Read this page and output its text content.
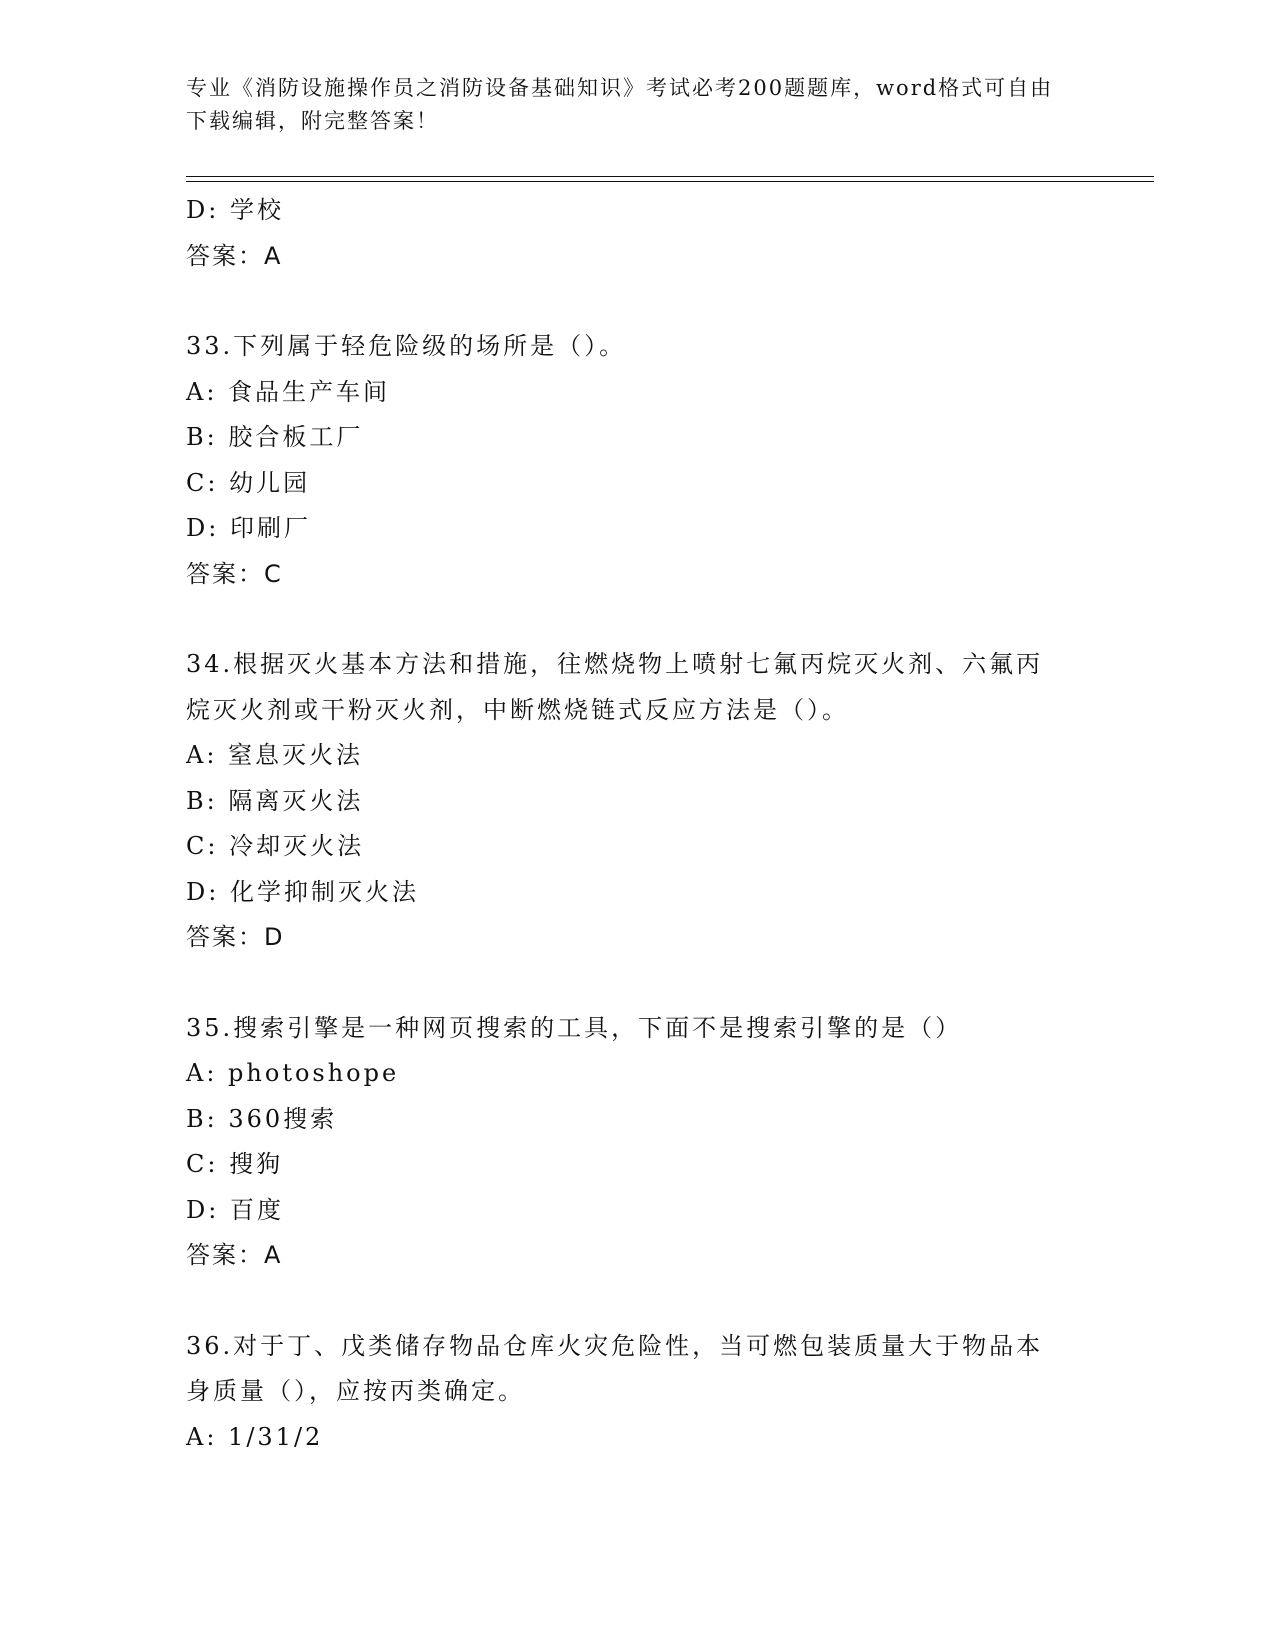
专业《消防设施操作员之消防设备基础知识》考试必考200题题库，word格式可自由下载编辑，附完整答案！
D: 学校
答案：A
33.下列属于轻危险级的场所是（）。
A: 食品生产车间
B: 胶合板工厂
C: 幼儿园
D: 印刷厂
答案：C
34.根据灭火基本方法和措施，往燃烧物上喷射七氟丙烷灭火剂、六氟丙烷灭火剂或干粉灭火剂，中断燃烧链式反应方法是（）。
A: 窒息灭火法
B: 隔离灭火法
C: 冷却灭火法
D: 化学抑制灭火法
答案：D
35.搜索引擎是一种网页搜索的工具，下面不是搜索引擎的是（）
A: photoshope
B: 360搜索
C: 搜狗
D: 百度
答案：A
36.对于丁、戊类储存物品仓库火灾危险性，当可燃包装质量大于物品本身质量（），应按丙类确定。
A: 1/31/2
